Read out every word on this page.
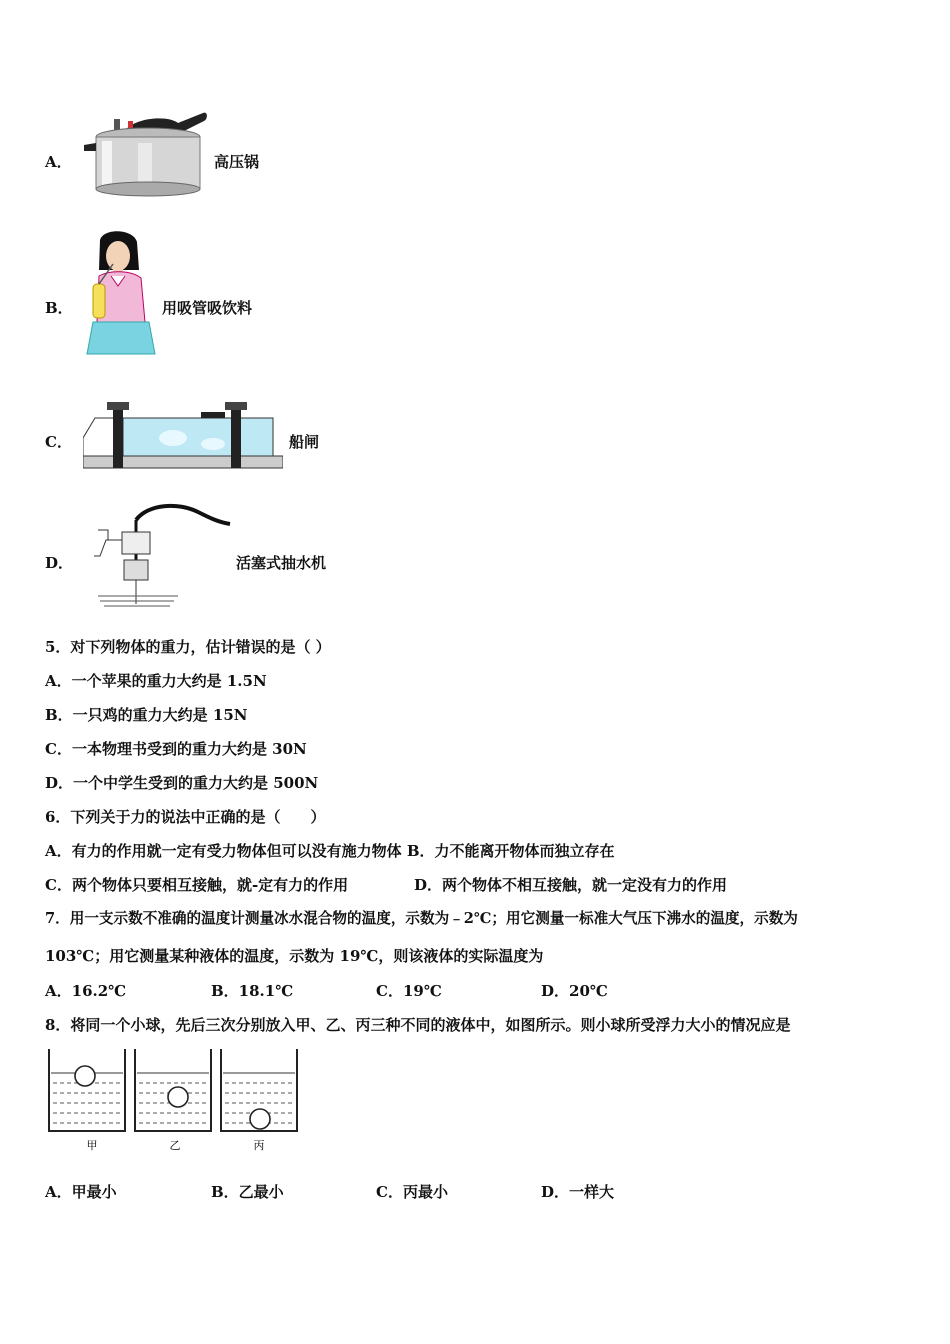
A．	高压锅
B．	用吸管吸饮料
C．	船闸
D．	活塞式抽水机
5．对下列物体的重力，估计错误的是（ ）
A．一个苹果的重力大约是 1.5N
B．一只鸡的重力大约是 15N
C．一本物理书受到的重力大约是 30N
D．一个中学生受到的重力大约是 500N
6．下列关于力的说法中正确的是（　　）
A．有力的作用就一定有受力物体但可以没有施力物体 B．力不能离开物体而独立存在
C．两个物体只要相互接触，就-定有力的作用	D．两个物体不相互接触，就一定没有力的作用
7．用一支示数不准确的温度计测量冰水混合物的温度，示数为﹣2℃；用它测量一标准大气压下沸水的温度，示数为
103℃；用它测量某种液体的温度，示数为 19℃，则该液体的实际温度为
A．16.2℃	B．18.1℃	C．19℃	D．20℃
8．将同一个小球，先后三次分别放入甲、乙、丙三种不同的液体中，如图所示。则小球所受浮力大小的情况应是
甲	乙	丙
A．甲最小	B．乙最小	C．丙最小	D．一样大
